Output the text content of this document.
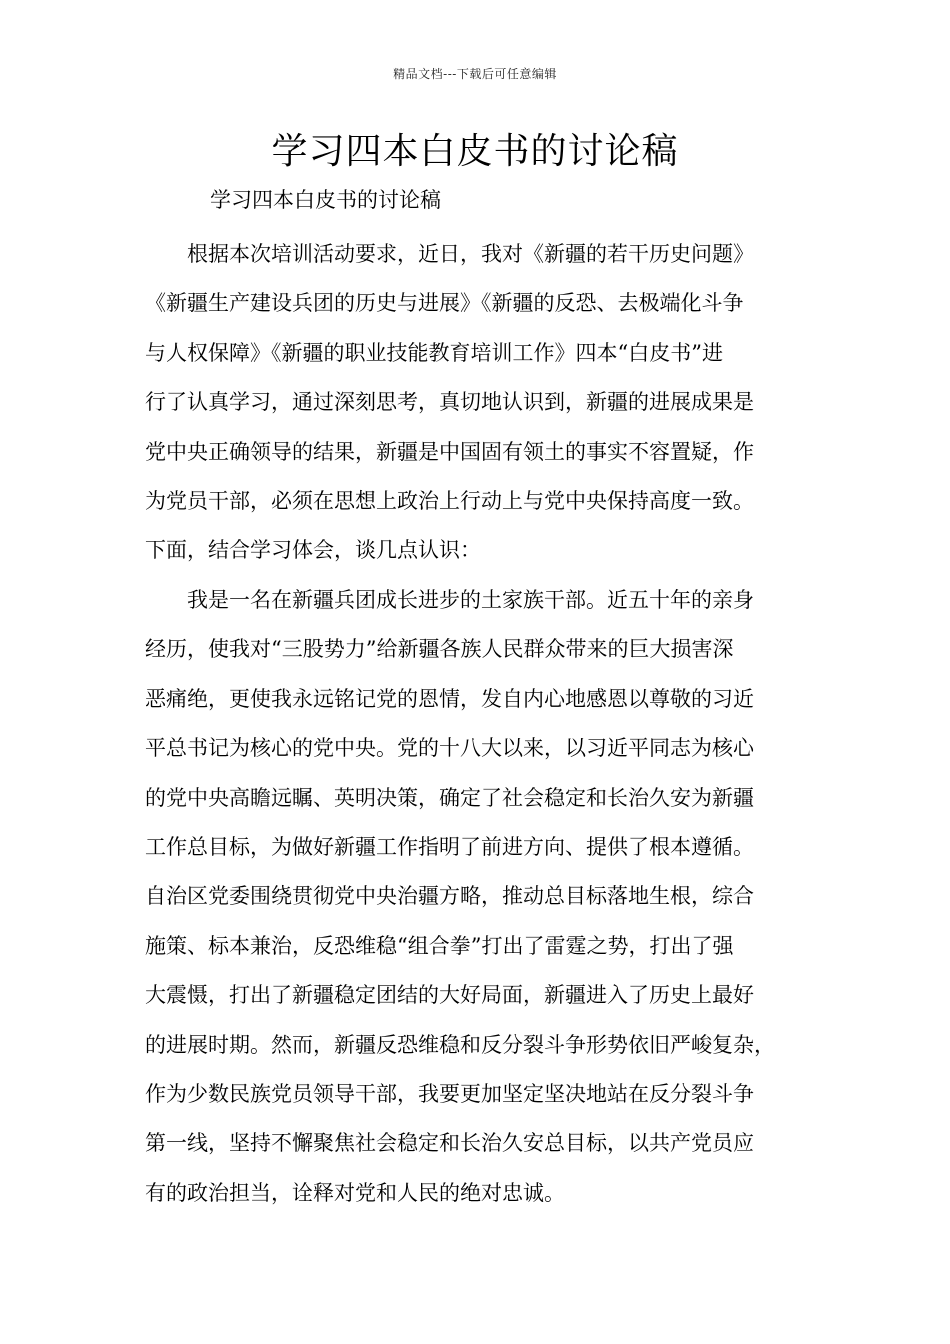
精品文档---下载后可任意编辑
学习四本白皮书的讨论稿

学习四本白皮书的讨论稿

根据本次培训活动要求，近日，我对《新疆的若干历史问题》
《新疆生产建设兵团的历史与进展》《新疆的反恐、去极端化斗争
与人权保障》《新疆的职业技能教育培训工作》四本“白皮书”进
行了认真学习，通过深刻思考，真切地认识到，新疆的进展成果是
党中央正确领导的结果，新疆是中国固有领土的事实不容置疑，作
为党员干部，必须在思想上政治上行动上与党中央保持高度一致。
下面，结合学习体会，谈几点认识：
我是一名在新疆兵团成长进步的土家族干部。近五十年的亲身
经历，使我对“三股势力”给新疆各族人民群众带来的巨大损害深
恶痛绝，更使我永远铭记党的恩情，发自内心地感恩以尊敬的习近
平总书记为核心的党中央。党的十八大以来，以习近平同志为核心
的党中央高瞻远瞩、英明决策，确定了社会稳定和长治久安为新疆
工作总目标，为做好新疆工作指明了前进方向、提供了根本遵循。
自治区党委围绕贯彻党中央治疆方略，推动总目标落地生根，综合
施策、标本兼治，反恐维稳“组合拳”打出了雷霆之势，打出了强
大震慑，打出了新疆稳定团结的大好局面，新疆进入了历史上最好
的进展时期。然而，新疆反恐维稳和反分裂斗争形势依旧严峻复杂，
作为少数民族党员领导干部，我要更加坚定坚决地站在反分裂斗争
第一线，坚持不懈聚焦社会稳定和长治久安总目标，以共产党员应
有的政治担当，诠释对党和人民的绝对忠诚。
